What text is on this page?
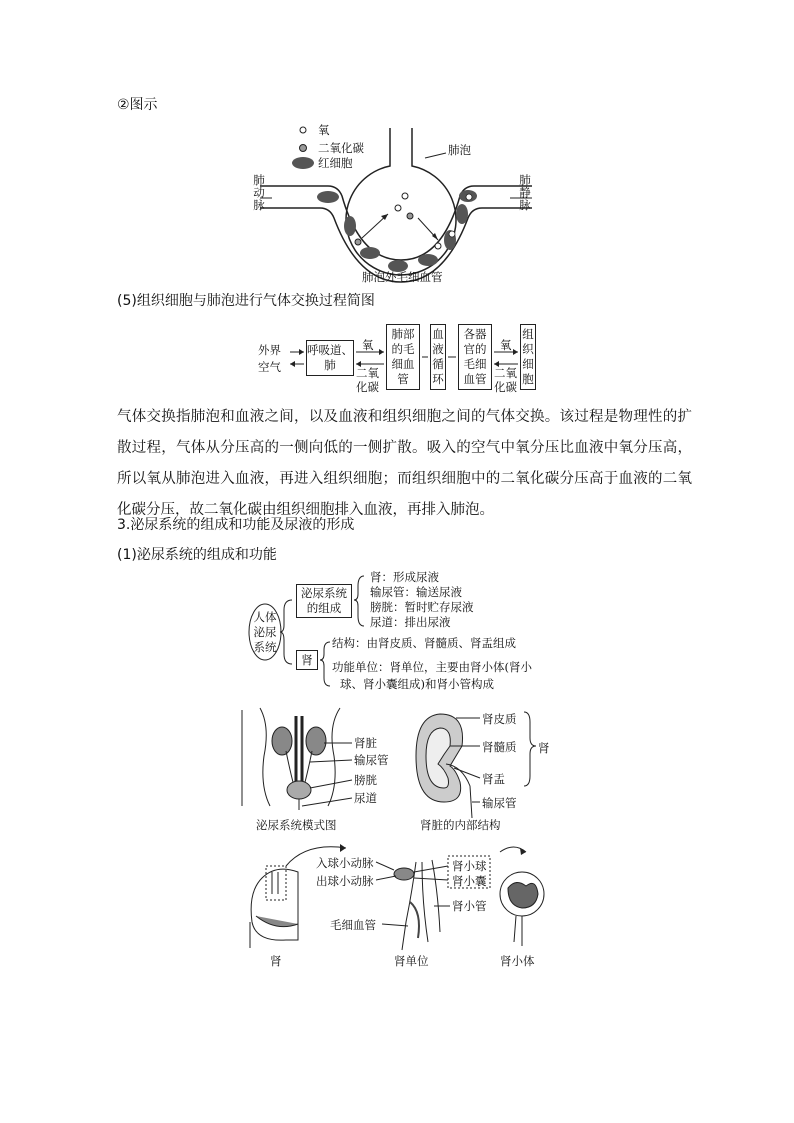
②图示
氧
二氧化碳
红细胞
肺泡
肺动脉	肺静脉
肺泡外毛细血管
(5)组织细胞与肺泡进行气体交换过程简图
外界空气
呼吸道、肺
肺部的毛细血管
血液循环
各器官的毛细血管
组织细胞
氧
二氧化碳
氧
二氧化碳
气体交换指肺泡和血液之间，以及血液和组织细胞之间的气体交换。该过程是物理性的扩散过程，气体从分压高的一侧向低的一侧扩散。吸入的空气中氧分压比血液中氧分压高，所以氧从肺泡进入血液，再进入组织细胞；而组织细胞中的二氧化碳分压高于血液的二氧化碳分压，故二氧化碳由组织细胞排入血液，再排入肺泡。
3.泌尿系统的组成和功能及尿液的形成
(1)泌尿系统的组成和功能
人体泌尿系统
泌尿系统的组成
肾
肾：形成尿液
输尿管：输送尿液
膀胱：暂时贮存尿液
尿道：排出尿液
结构：由肾皮质、肾髓质、肾盂组成
功能单位：肾单位，主要由肾小体(肾小
球、肾小囊组成)和肾小管构成
肾脏
输尿管
膀胱
尿道
泌尿系统模式图
肾皮质
肾髓质
肾盂
输尿管
肾
肾脏的内部结构
入球小动脉
出球小动脉
肾小球
肾小囊
肾小管
毛细血管
肾	肾单位	肾小体
